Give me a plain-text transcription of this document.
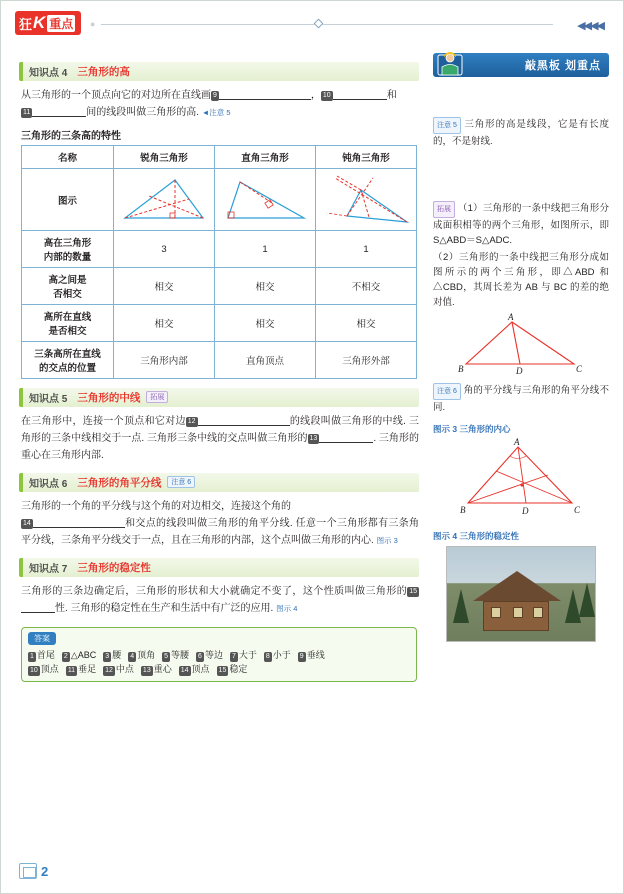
狂 K 重点 ●	◀◀◀◀
知识点 4 三角形的高

从三角形的一个顶点向它的对边所在直线画 9	， 10	和
11	间的线段叫做三角形的高. ◄注意 5

三角形的三条高的特性
名称	锐角三角形	直角三角形	钝角三角形
图示	

高在三角形
内部的数量	3	1	1
高之间是
否相交	相交	相交	不相交
高所在直线
是否相交	相交	相交	相交
三条高所在直线
的交点的位置	三角形内部	直角顶点	三角形外部
知识点 5 三角形的中线	拓展

在三角形中，连接一个顶点和它对边 12	的线段叫做三角形的中线. 三角形的三条中线相交于一点. 三角形三条中线的交点叫做三角形的 13	. 三角形的重心在三角形内部.

知识点 6 三角形的角平分线	注意 6

三角形的一个角的平分线与这个角的对边相交，连接这个角的
14	和交点的线段叫做三角形的角平分线. 任意一个三角形都有三条角平分线，三条角平分线交于一点，且在三角形的内部，这个点叫做三角形的内心. 图示 3

知识点 7 三角形的稳定性

三角形的三条边确定后，三角形的形状和大小就确定不变了，这个性质叫做三角形的 15性. 三角形的稳定性在生产和生活中有广泛的应用. 图示 4

答案
1 首尾 2 △ABC 3 腰 4 顶角 5 等腰 6 等边 7 大于 8 小于 9 垂线
10 顶点 11 垂足 12 中点 13 重心 14 顶点 15 稳定
敲黑板 划重点

注意 5 三角形的高是线段，它是有长度的，不是射线.

拓展 （1）三角形的一条中线把三角形分成面积相等的两个三角形，如图所示，即 S△ABD＝S△ADC.

（2）三角形的一条中线把三角形分成如图所示的两个三角形，即△ABD 和△CBD，其周长差为 AB 与 BC 的差的绝对值.

A
B	D	C

注意 6 角的平分线与三角形的角平分线不同.

图示 3 三角形的内心
A
B	D	C
图示 4 三角形的稳定性
2
